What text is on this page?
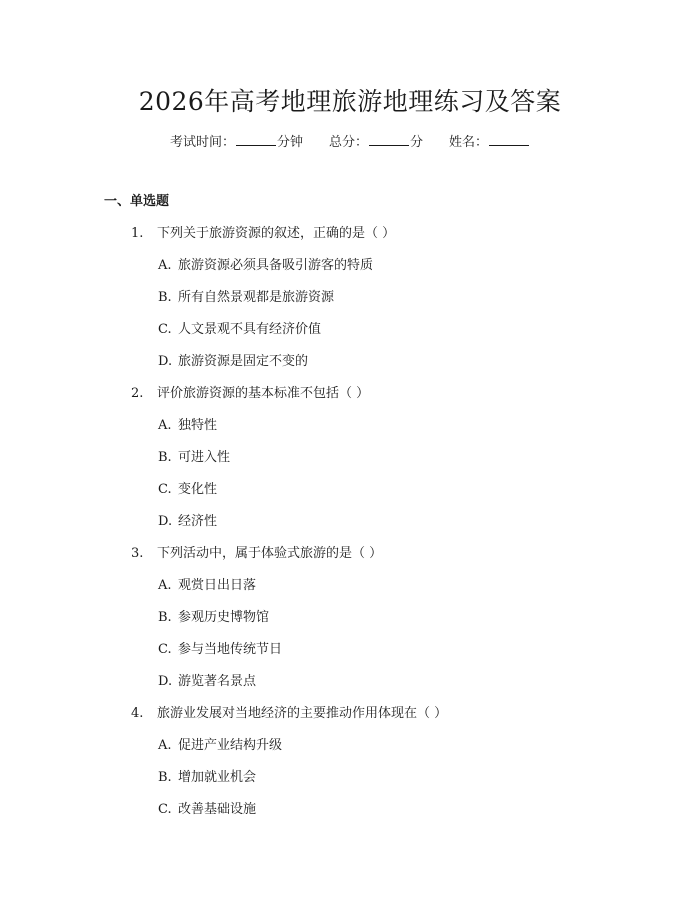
2026年高考地理旅游地理练习及答案
考试时间：	分钟 总分：	分 姓名：
一、单选题
1. 下列关于旅游资源的叙述，正确的是（ ）
A. 旅游资源必须具备吸引游客的特质
B. 所有自然景观都是旅游资源
C. 人文景观不具有经济价值
D. 旅游资源是固定不变的
2. 评价旅游资源的基本标准不包括（ ）
A. 独特性
B. 可进入性
C. 变化性
D. 经济性
3. 下列活动中，属于体验式旅游的是（ ）
A. 观赏日出日落
B. 参观历史博物馆
C. 参与当地传统节日
D. 游览著名景点
4. 旅游业发展对当地经济的主要推动作用体现在（ ）
A. 促进产业结构升级
B. 增加就业机会
C. 改善基础设施
